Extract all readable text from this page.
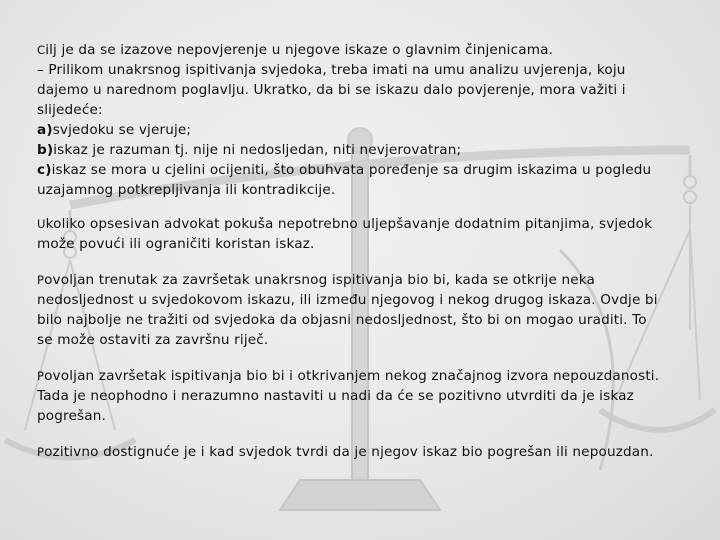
Cilj je da se izazove nepovjerenje u njegove iskaze o glavnim činjenicama.
– Prilikom unakrsnog ispitivanja svjedoka, treba imati na umu analizu uvjerenja, koju
dajemo u narednom poglavlju. Ukratko, da bi se iskazu dalo povjerenje, mora važiti i
slijedeće:
a)svjedoku se vjeruje;
b)iskaz je razuman tj. nije ni nedosljedan, niti nevjerovatran;
c)iskaz se mora u cjelini ocijeniti, što obuhvata poređenje sa drugim iskazima u pogledu
uzajamnog potkrepljivanja ili kontradikcije.
Ukoliko opsesivan advokat pokuša nepotrebno uljepšavanje dodatnim pitanjima, svjedok
može povući ili ograničiti koristan iskaz.
Povoljan trenutak za završetak unakrsnog ispitivanja bio bi, kada se otkrije neka
nedosljednost u svjedokovom iskazu, ili između njegovog i nekog drugog iskaza. Ovdje bi
bilo najbolje ne tražiti od svjedoka da objasni nedosljednost, što bi on mogao uraditi. To
se može ostaviti za završnu riječ.
Povoljan završetak ispitivanja bio bi i otkrivanjem nekog značajnog izvora nepouzdanosti.
Tada je neophodno i nerazumno nastaviti u nadi da će se pozitivno utvrditi da je iskaz
pogrešan.
Pozitivno dostignuće je i kad svjedok tvrdi da je njegov iskaz bio pogrešan ili nepouzdan.
